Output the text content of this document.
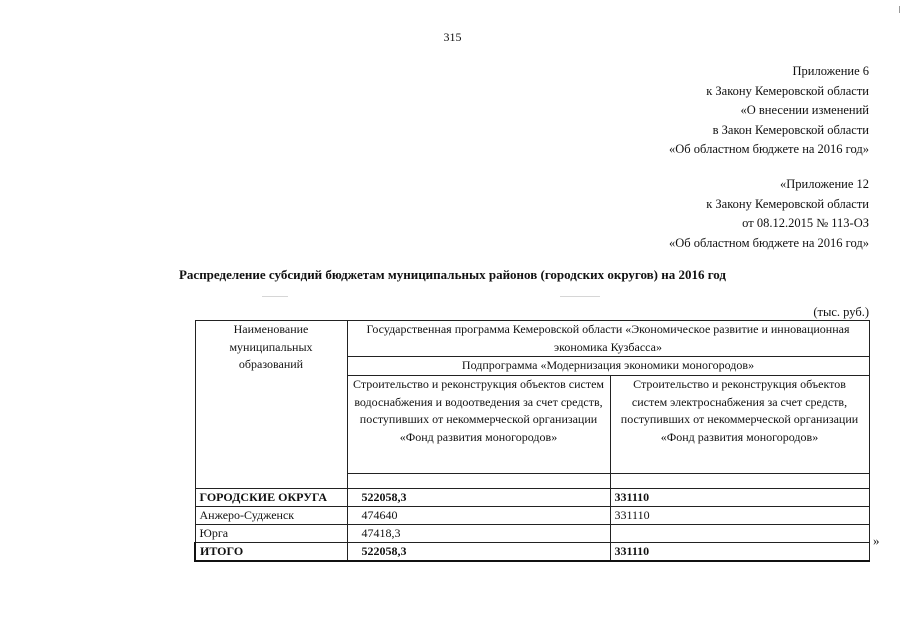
315
Приложение 6
к Закону Кемеровской области
«О внесении изменений
в Закон Кемеровской области
«Об областном бюджете на 2016 год»
«Приложение 12
к Закону Кемеровской области
от 08.12.2015 № 113-ОЗ
«Об областном бюджете на 2016 год»
Распределение субсидий бюджетам муниципальных районов (городских округов) на 2016 год
(тыс. руб.)
Наименование муниципальных образований	Государственная программа Кемеровской области «Экономическое развитие и инновационная экономика Кузбасса»	
	Подпрограмма «Модернизация экономики моногородов»	
	Строительство и реконструкция объектов систем водоснабжения и водоотведения за счет средств, поступивших от некоммерческой организации «Фонд развития моногородов»	Строительство и реконструкция объектов систем электроснабжения за счет средств, поступивших от некоммерческой организации «Фонд развития моногородов»

ГОРОДСКИЕ ОКРУГА	522058,3	331110
Анжеро-Судженск	474640	331110
Юрга	47418,3	
ИТОГО	522058,3	331110
»
